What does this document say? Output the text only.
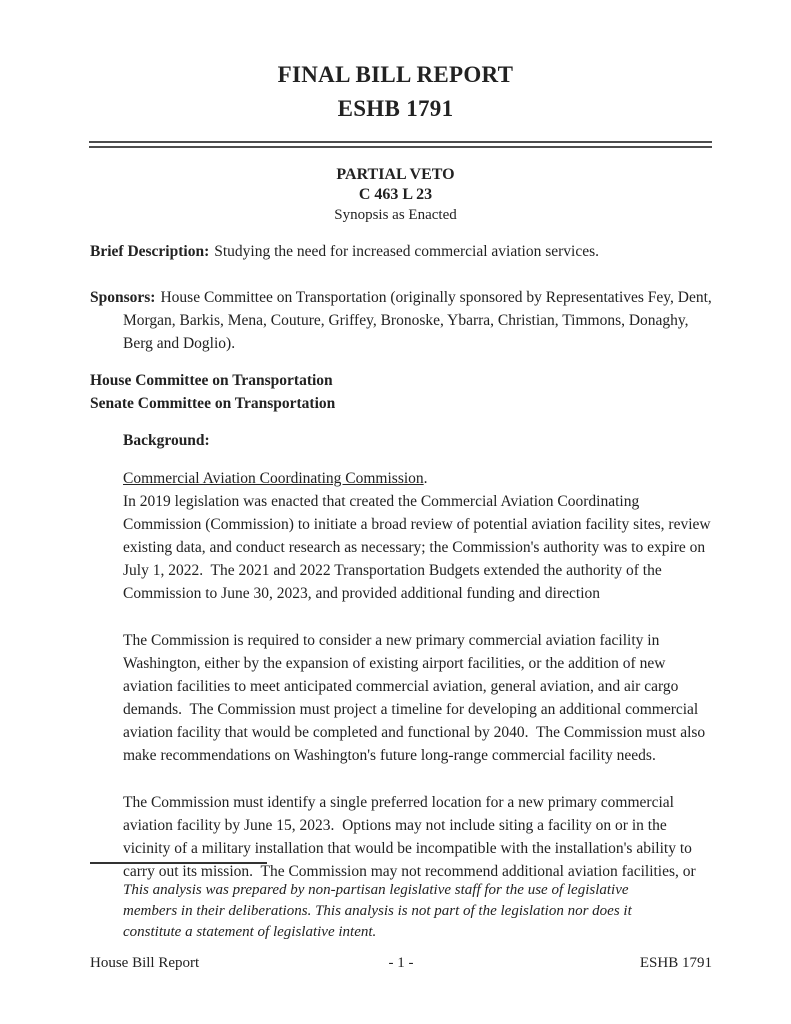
FINAL BILL REPORT
ESHB 1791
PARTIAL VETO
C 463 L 23
Synopsis as Enacted

Brief Description: Studying the need for increased commercial aviation services.

Sponsors: House Committee on Transportation (originally sponsored by Representatives Fey, Dent, Morgan, Barkis, Mena, Couture, Griffey, Bronoske, Ybarra, Christian, Timmons, Donaghy, Berg and Doglio).

House Committee on Transportation

Senate Committee on Transportation

Background:

Commercial Aviation Coordinating Commission.

In 2019 legislation was enacted that created the Commercial Aviation Coordinating Commission (Commission) to initiate a broad review of potential aviation facility sites, review existing data, and conduct research as necessary; the Commission's authority was to expire on July 1, 2022.  The 2021 and 2022 Transportation Budgets extended the authority of the Commission to June 30, 2023, and provided additional funding and direction

The Commission is required to consider a new primary commercial aviation facility in Washington, either by the expansion of existing airport facilities, or the addition of new aviation facilities to meet anticipated commercial aviation, general aviation, and air cargo demands.  The Commission must project a timeline for developing an additional commercial aviation facility that would be completed and functional by 2040.  The Commission must also make recommendations on Washington's future long-range commercial facility needs.

The Commission must identify a single preferred location for a new primary commercial aviation facility by June 15, 2023.  Options may not include siting a facility on or in the vicinity of a military installation that would be incompatible with the installation's ability to carry out its mission.  The Commission may not recommend additional aviation facilities, or

This analysis was prepared by non-partisan legislative staff for the use of legislative members in their deliberations. This analysis is not part of the legislation nor does it constitute a statement of legislative intent.

House Bill Report	- 1 -	ESHB 1791
